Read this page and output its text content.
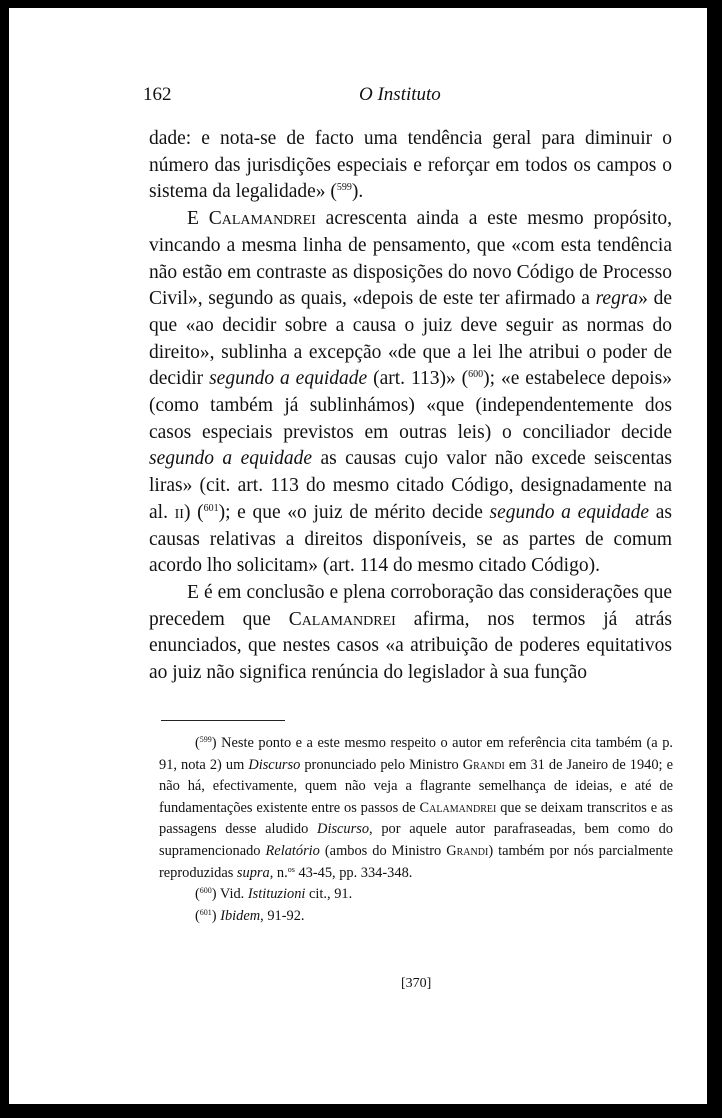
162	O Instituto

dade: e nota-se de facto uma tendência geral para diminuir o número das jurisdições especiais e reforçar em todos os campos o sistema da legalidade» ($^{599}$).

E Calamandrei acrescenta ainda a este mesmo propósito, vincando a mesma linha de pensamento, que «com esta tendência não estão em contraste as disposições do novo Código de Processo Civil», segundo as quais, «depois de este ter afirmado a regra» de que «ao decidir sobre a causa o juiz deve seguir as normas do direito», sublinha a excepção «de que a lei lhe atribui o poder de decidir segundo a equidade (art. 113)» ($^{600}$); «e estabelece depois» (como também já sublinhámos) «que (independentemente dos casos especiais previstos em outras leis) o conciliador decide segundo a equidade as causas cujo valor não excede seiscentas liras» (cit. art. 113 do mesmo citado Código, designadamente na al. ii) ($^{601}$); e que «o juiz de mérito decide segundo a equidade as causas relativas a direitos disponíveis, se as partes de comum acordo lho solicitam» (art. 114 do mesmo citado Código).

E é em conclusão e plena corroboração das considerações que precedem que Calamandrei afirma, nos termos já atrás enunciados, que nestes casos «a atribuição de poderes equitativos ao juiz não significa renúncia do legislador à sua função

($^{599}$) Neste ponto e a este mesmo respeito o autor em referência cita também (a p. 91, nota 2) um Discurso pronunciado pelo Ministro Grandi em 31 de Janeiro de 1940; e não há, efectivamente, quem não veja a flagrante semelhança de ideias, e até de fundamentações existente entre os passos de Calamandrei que se deixam transcritos e as passagens desse aludido Discurso, por aquele autor parafraseadas, bem como do supramencionado Relatório (ambos do Ministro Grandi) também por nós parcialmente reproduzidas supra, n.$^{os}$ 43-45, pp. 334-348.

($^{600}$) Vid. Istituzioni cit., 91.

($^{601}$) Ibidem, 91-92.

[370]
